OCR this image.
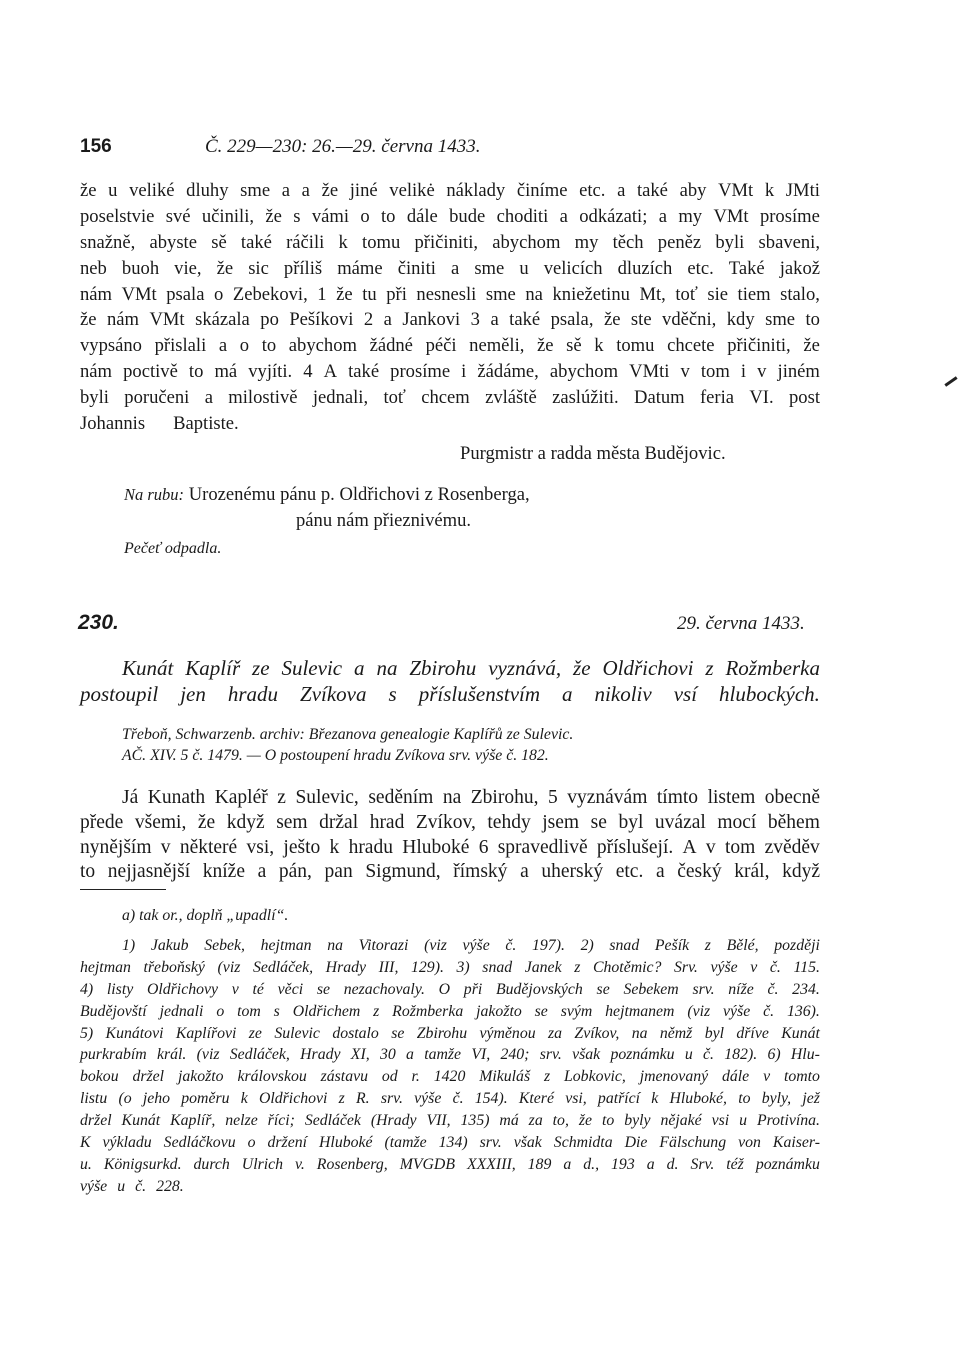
156	Č. 229—230: 26.—29. června 1433.
že u veliké dluhy sme a a že jiné velikė náklady činíme etc. a také aby VMt k JMti
poselstvie své učinili, že s vámi o to dále bude choditi a odkázati; a my VMt prosíme
snažně, abyste sě také ráčili k tomu přičiniti, abychom my těch peněz byli sbaveni,
neb buoh vie, že sic příliš máme činiti a sme u velicích dluzích etc. Také jakož
nám VMt psala o Zebekovi, 1 že tu při nesnesli sme na kniežetinu Mt, toť sie tiem stalo,
že nám VMt skázala po Pešíkovi 2 a Jankovi 3 a také psala, že ste vděčni, kdy sme to
vypsáno přislali a o to abychom žádné péči neměli, že sě k tomu chcete přičiniti, že
nám poctivě to má vyjíti. 4 A také prosíme i žádáme, abychom VMti v tom i v jiném
byli poručeni a milostivě jednali, toť chcem zvláště zaslúžiti. Datum feria VI. post
Johannis Baptiste.
Purgmistr a radda města Budějovic.
Na rubu: Urozenému pánu p. Oldřichovi z Rosenberga,
pánu nám přieznivému.
Pečeť odpadla.
230.	29. června 1433.
Kunát Kaplíř ze Sulevic a na Zbirohu vyznává, že Oldřichovi z Rožmberka
postoupil jen hradu Zvíkova s příslušenstvím a nikoliv vsí hlubockých.
Třeboň, Schwarzenb. archiv: Březanova genealogie Kaplířů ze Sulevic.
AČ. XIV. 5 č. 1479. — O postoupení hradu Zvíkova srv. výše č. 182.
Já Kunath Kapléř z Sulevic, seděním na Zbirohu, 5 vyznávám tímto listem obecně
přede všemi, že když sem držal hrad Zvíkov, tehdy jsem se byl uvázal mocí během
nynějším v některé vsi, ješto k hradu Hluboké 6 spravedlivě příslušejí. A v tom zvěděv
to nejjasnější kníže a pán, pan Sigmund, římský a uherský etc. a český král, když
a) tak or., doplň „upadlí“.
1) Jakub Sebek, hejtman na Vitorazi (viz výše č. 197). 2) snad Pešík z Bělé, později
hejtman třeboňský (viz Sedláček, Hrady III, 129). 3) snad Janek z Chotěmic? Srv. výše v č. 115.
4) listy Oldřichovy v té věci se nezachovaly. O při Budějovských se Sebekem srv. níže č. 234.
Budějovští jednali o tom s Oldřichem z Rožmberka jakožto se svým hejtmanem (viz výše č. 136).
5) Kunátovi Kaplířovi ze Sulevic dostalo se Zbirohu výměnou za Zvíkov, na němž byl dříve Kunát
purkrabím král. (viz Sedláček, Hrady XI, 30 a tamže VI, 240; srv. však poznámku u č. 182). 6) Hlu-
bokou držel jakožto královskou zástavu od r. 1420 Mikuláš z Lobkovic, jmenovaný dále v tomto
listu (o jeho poměru k Oldřichovi z R. srv. výše č. 154). Které vsi, patřící k Hluboké, to byly, jež
držel Kunát Kaplíř, nelze říci; Sedláček (Hrady VII, 135) má za to, že to byly nějaké vsi u Protivína.
K výkladu Sedláčkovu o držení Hluboké (tamže 134) srv. však Schmidta Die Fälschung von Kaiser-
u. Königsurkd. durch Ulrich v. Rosenberg, MVGDB XXXIII, 189 a d., 193 a d. Srv. též poznámku
výše u č. 228.
